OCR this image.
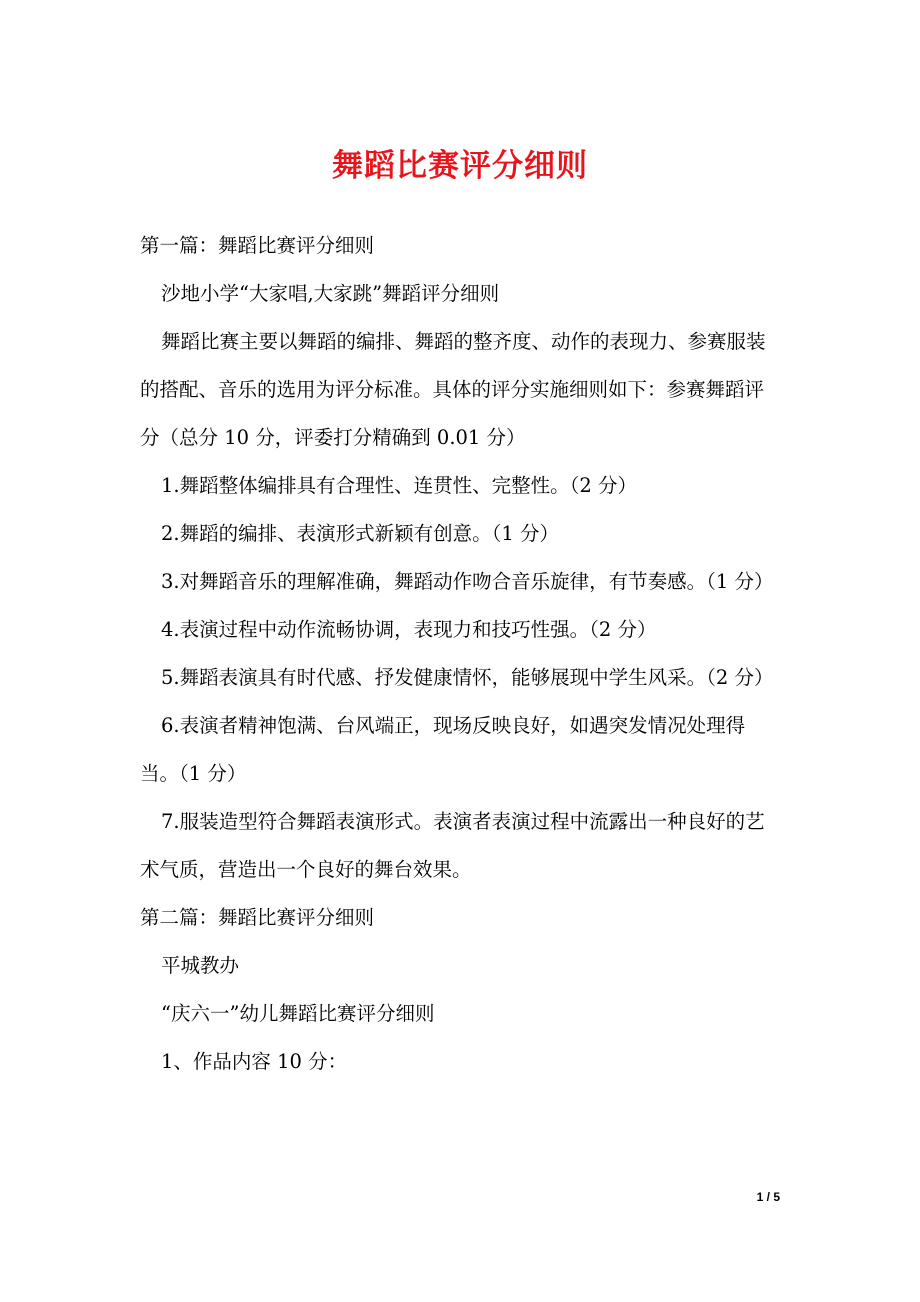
舞蹈比赛评分细则

第一篇：舞蹈比赛评分细则

沙地小学“大家唱,大家跳”舞蹈评分细则

舞蹈比赛主要以舞蹈的编排、舞蹈的整齐度、动作的表现力、参赛服装的搭配、音乐的选用为评分标准。具体的评分实施细则如下：参赛舞蹈评分（总分 10 分，评委打分精确到 0.01 分）

1.舞蹈整体编排具有合理性、连贯性、完整性。（2 分）

2.舞蹈的编排、表演形式新颖有创意。（1 分）

3.对舞蹈音乐的理解准确，舞蹈动作吻合音乐旋律，有节奏感。（1 分）

4.表演过程中动作流畅协调，表现力和技巧性强。（2 分）

5.舞蹈表演具有时代感、抒发健康情怀，能够展现中学生风采。（2 分）

6.表演者精神饱满、台风端正，现场反映良好，如遇突发情况处理得当。（1 分）

7.服装造型符合舞蹈表演形式。表演者表演过程中流露出一种良好的艺术气质，营造出一个良好的舞台效果。

第二篇：舞蹈比赛评分细则

平城教办

“庆六一”幼儿舞蹈比赛评分细则

1、作品内容 10 分：

1 / 5
